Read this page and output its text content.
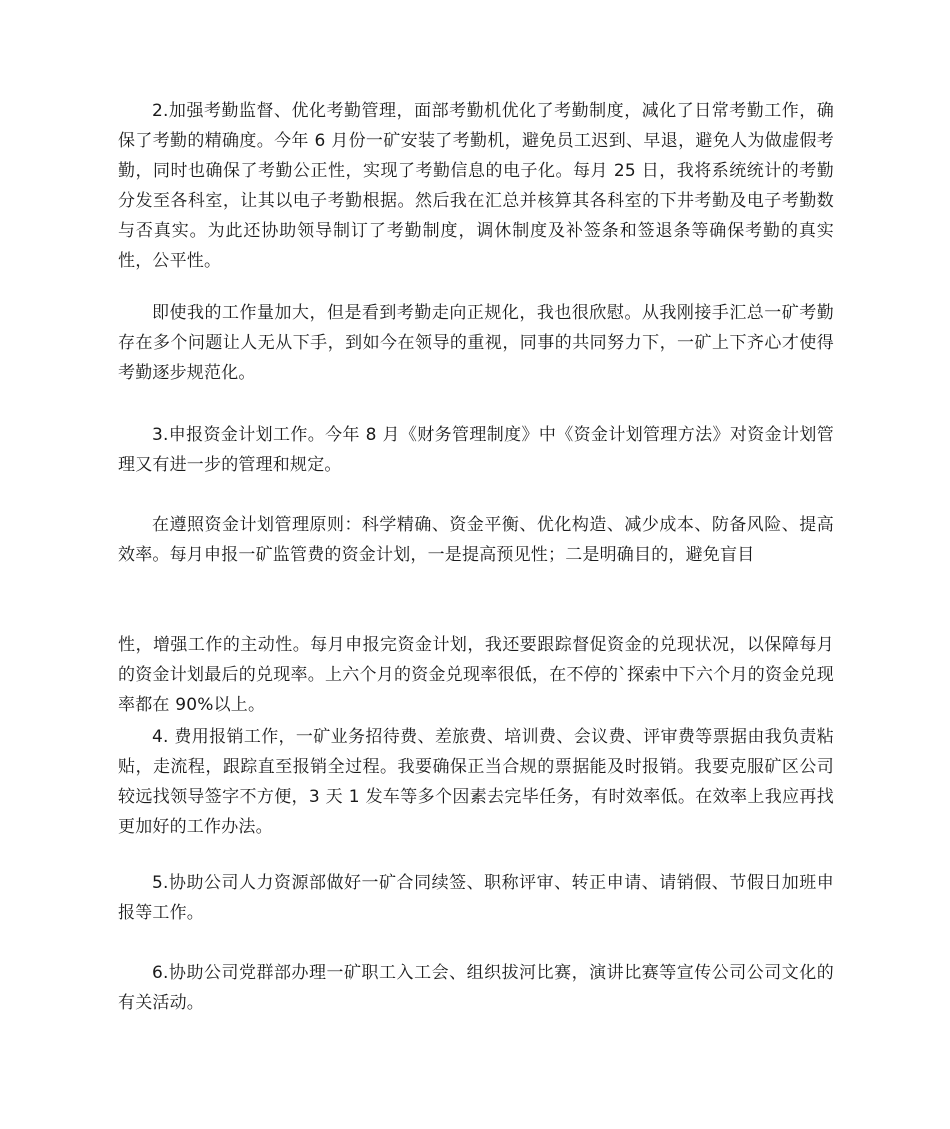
2.加强考勤监督、优化考勤管理，面部考勤机优化了考勤制度，减化了日常考勤工作，确保了考勤的精确度。今年 6 月份一矿安装了考勤机，避免员工迟到、早退，避免人为做虚假考勤，同时也确保了考勤公正性，实现了考勤信息的电子化。每月 25 日，我将系统统计的考勤分发至各科室，让其以电子考勤根据。然后我在汇总并核算其各科室的下井考勤及电子考勤数与否真实。为此还协助领导制订了考勤制度，调休制度及补签条和签退条等确保考勤的真实性，公平性。

即使我的工作量加大，但是看到考勤走向正规化，我也很欣慰。从我刚接手汇总一矿考勤存在多个问题让人无从下手，到如今在领导的重视，同事的共同努力下，一矿上下齐心才使得考勤逐步规范化。

3.申报资金计划工作。今年 8 月《财务管理制度》中《资金计划管理方法》对资金计划管理又有进一步的管理和规定。

在遵照资金计划管理原则：科学精确、资金平衡、优化构造、减少成本、防备风险、提高效率。每月申报一矿监管费的资金计划，一是提高预见性；二是明确目的，避免盲目

性，增强工作的主动性。每月申报完资金计划，我还要跟踪督促资金的兑现状况，以保障每月的资金计划最后的兑现率。上六个月的资金兑现率很低，在不停的`探索中下六个月的资金兑现率都在 90%以上。

4. 费用报销工作，一矿业务招待费、差旅费、培训费、会议费、评审费等票据由我负责粘贴，走流程，跟踪直至报销全过程。我要确保正当合规的票据能及时报销。我要克服矿区公司较远找领导签字不方便，3 天 1 发车等多个因素去完毕任务，有时效率低。在效率上我应再找更加好的工作办法。

5.协助公司人力资源部做好一矿合同续签、职称评审、转正申请、请销假、节假日加班申报等工作。

6.协助公司党群部办理一矿职工入工会、组织拔河比赛，演讲比赛等宣传公司公司文化的有关活动。
